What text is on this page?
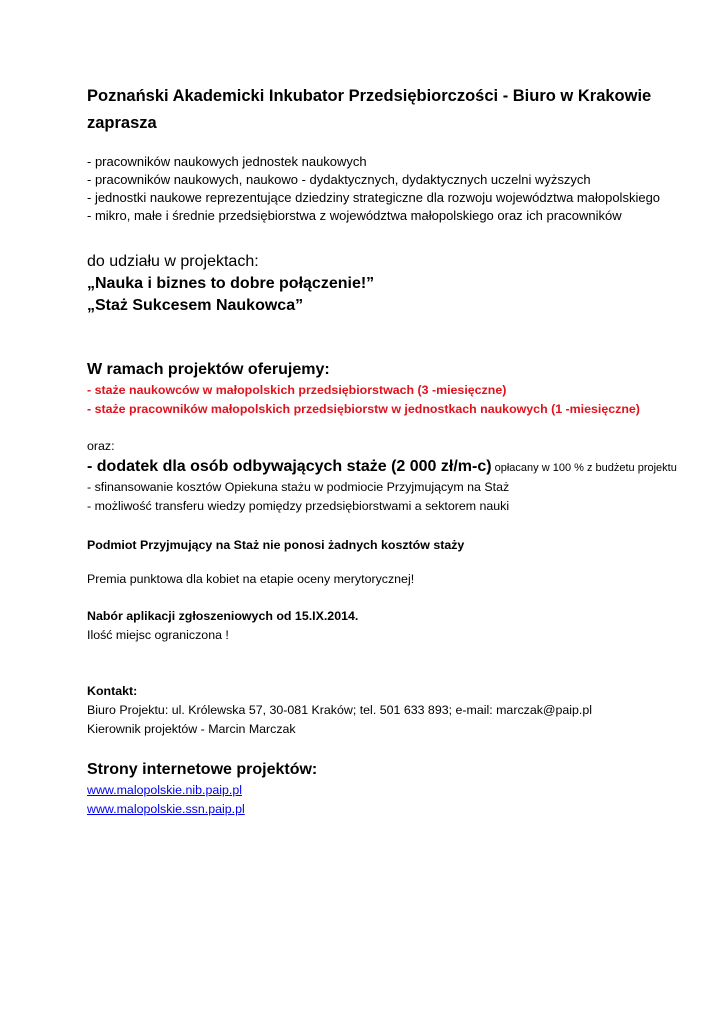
Poznański Akademicki Inkubator Przedsiębiorczości - Biuro w Krakowie
zaprasza
- pracowników naukowych jednostek naukowych
- pracowników naukowych, naukowo - dydaktycznych, dydaktycznych uczelni wyższych
- jednostki naukowe reprezentujące dziedziny strategiczne dla rozwoju województwa małopolskiego
- mikro, małe i średnie przedsiębiorstwa z województwa małopolskiego oraz ich pracowników
do udziału w projektach:
„Nauka i biznes to dobre połączenie!”
„Staż Sukcesem Naukowca”
W ramach projektów oferujemy:
- staże naukowców w małopolskich przedsiębiorstwach (3 -miesięczne)
- staże pracowników małopolskich przedsiębiorstw w jednostkach naukowych (1 -miesięczne)
oraz:
- dodatek dla osób odbywających staże (2 000 zł/m-c) opłacany w 100 % z budżetu projektu
- sfinansowanie kosztów Opiekuna stażu w podmiocie Przyjmującym na Staż
- możliwość transferu wiedzy pomiędzy przedsiębiorstwami a sektorem nauki
Podmiot Przyjmujący na Staż nie ponosi żadnych kosztów staży
Premia punktowa dla kobiet na etapie oceny merytorycznej!
Nabór aplikacji zgłoszeniowych od 15.IX.2014.
Ilość miejsc ograniczona !
Kontakt:
Biuro Projektu: ul. Królewska 57, 30-081 Kraków; tel. 501 633 893; e-mail: marczak@paip.pl
Kierownik projektów - Marcin Marczak
Strony internetowe projektów:
www.malopolskie.nib.paip.pl
www.malopolskie.ssn.paip.pl
